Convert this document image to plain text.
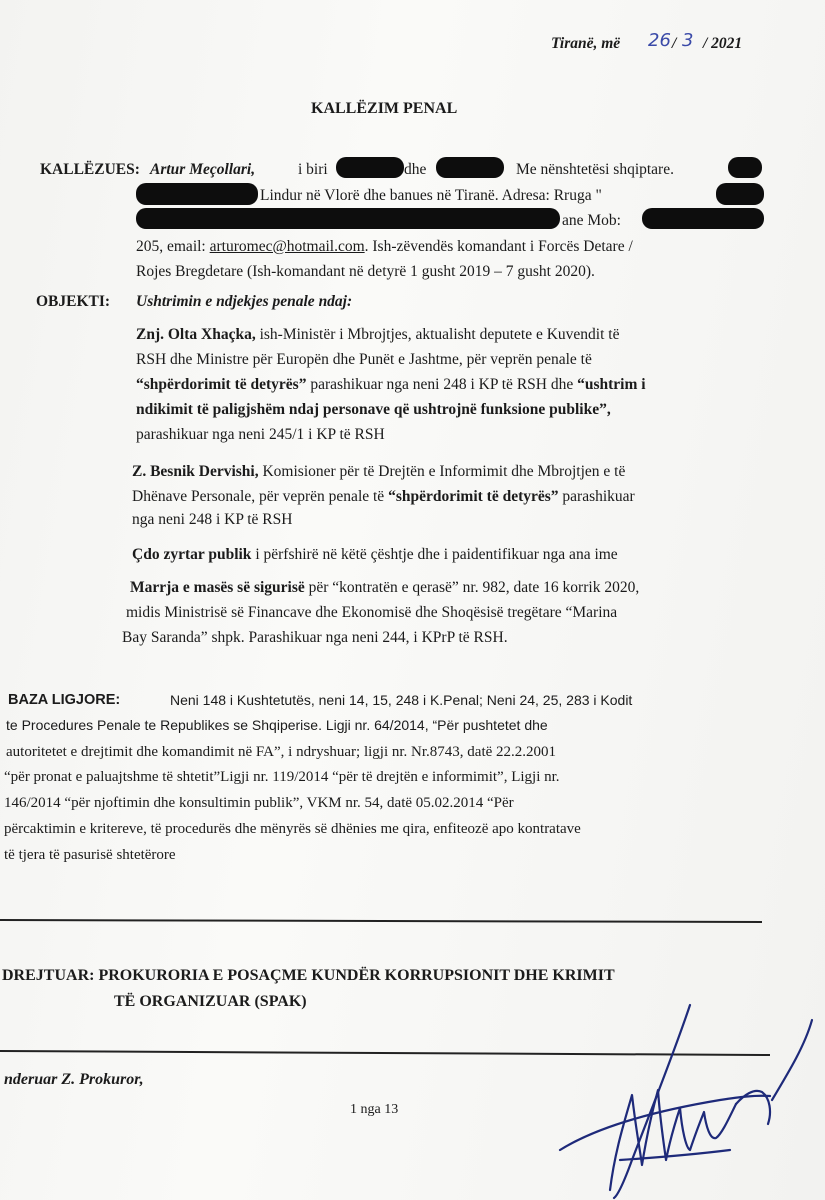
Tiranë, më 26 / 3 / 2021
KALLËZIM PENAL
KALLËZUES: Artur Meçollari,	i biri	dhe	Me nënshtetësi shqiptare.
Lindur në Vlorë dhe banues në Tiranë. Adresa: Rruga "
ane Mob:
205, email: arturomec@hotmail.com. Ish-zëvendës komandant i Forcës Detare /
Rojes Bregdetare (Ish-komandant në detyrë 1 gusht 2019 – 7 gusht 2020).
OBJEKTI: Ushtrimin e ndjekjes penale ndaj:
Znj. Olta Xhaçka, ish-Ministër i Mbrojtjes, aktualisht deputete e Kuvendit të
RSH dhe Ministre për Europën dhe Punët e Jashtme, për veprën penale të
“shpërdorimit të detyrës” parashikuar nga neni 248 i KP të RSH dhe “ushtrim i
ndikimit të paligjshëm ndaj personave që ushtrojnë funksione publike”,
parashikuar nga neni 245/1 i KP të RSH
Z. Besnik Dervishi, Komisioner për të Drejtën e Informimit dhe Mbrojtjen e të
Dhënave Personale, për veprën penale të “shpërdorimit të detyrës” parashikuar
nga neni 248 i KP të RSH
Çdo zyrtar publik i përfshirë në këtë çështje dhe i paidentifikuar nga ana ime
Marrja e masës së sigurisë për “kontratën e qerasë” nr. 982, date 16 korrik 2020,
midis Ministrisë së Financave dhe Ekonomisë dhe Shoqësisë tregëtare “Marina
Bay Saranda” shpk. Parashikuar nga neni 244, i KPrP të RSH.
BAZA LIGJORE:	Neni 148 i Kushtetutës, neni 14, 15, 248 i K.Penal; Neni 24, 25, 283 i Kodit
te Procedures Penale te Republikes se Shqiperise. Ligji nr. 64/2014, “Për pushtetet dhe
autoritetet e drejtimit dhe komandimit në FA”, i ndryshuar; ligji nr. Nr.8743, datë 22.2.2001
“për pronat e paluajtshme të shtetit”Ligji nr. 119/2014 “për të drejtën e informimit”, Ligji nr.
146/2014 “për njoftimin dhe konsultimin publik”, VKM nr. 54, datë 05.02.2014 “Për
përcaktimin e kritereve, të procedurës dhe mënyrës së dhënies me qira, enfiteozë apo kontratave
të tjera të pasurisë shtetërore
DREJTUAR: PROKURORIA E POSAÇME KUNDËR KORRUPSIONIT DHE KRIMIT
TË ORGANIZUAR (SPAK)
nderuar Z. Prokuror,
1 nga 13
